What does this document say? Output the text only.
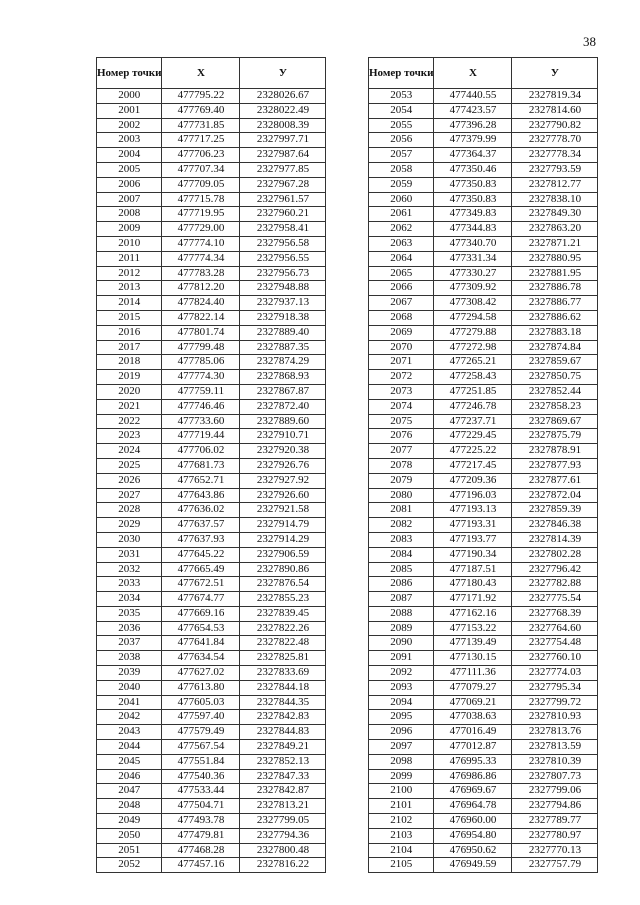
38
Номер точки	X	У
2000	477795.22	2328026.67
2001	477769.40	2328022.49
2002	477731.85	2328008.39
2003	477717.25	2327997.71
2004	477706.23	2327987.64
2005	477707.34	2327977.85
2006	477709.05	2327967.28
2007	477715.78	2327961.57
2008	477719.95	2327960.21
2009	477729.00	2327958.41
2010	477774.10	2327956.58
2011	477774.34	2327956.55
2012	477783.28	2327956.73
2013	477812.20	2327948.88
2014	477824.40	2327937.13
2015	477822.14	2327918.38
2016	477801.74	2327889.40
2017	477799.48	2327887.35
2018	477785.06	2327874.29
2019	477774.30	2327868.93
2020	477759.11	2327867.87
2021	477746.46	2327872.40
2022	477733.60	2327889.60
2023	477719.44	2327910.71
2024	477706.02	2327920.38
2025	477681.73	2327926.76
2026	477652.71	2327927.92
2027	477643.86	2327926.60
2028	477636.02	2327921.58
2029	477637.57	2327914.79
2030	477637.93	2327914.29
2031	477645.22	2327906.59
2032	477665.49	2327890.86
2033	477672.51	2327876.54
2034	477674.77	2327855.23
2035	477669.16	2327839.45
2036	477654.53	2327822.26
2037	477641.84	2327822.48
2038	477634.54	2327825.81
2039	477627.02	2327833.69
2040	477613.80	2327844.18
2041	477605.03	2327844.35
2042	477597.40	2327842.83
2043	477579.49	2327844.83
2044	477567.54	2327849.21
2045	477551.84	2327852.13
2046	477540.36	2327847.33
2047	477533.44	2327842.87
2048	477504.71	2327813.21
2049	477493.78	2327799.05
2050	477479.81	2327794.36
2051	477468.28	2327800.48
2052	477457.16	2327816.22
Номер точки	X	У
2053	477440.55	2327819.34
2054	477423.57	2327814.60
2055	477396.28	2327790.82
2056	477379.99	2327778.70
2057	477364.37	2327778.34
2058	477350.46	2327793.59
2059	477350.83	2327812.77
2060	477350.83	2327838.10
2061	477349.83	2327849.30
2062	477344.83	2327863.20
2063	477340.70	2327871.21
2064	477331.34	2327880.95
2065	477330.27	2327881.95
2066	477309.92	2327886.78
2067	477308.42	2327886.77
2068	477294.58	2327886.62
2069	477279.88	2327883.18
2070	477272.98	2327874.84
2071	477265.21	2327859.67
2072	477258.43	2327850.75
2073	477251.85	2327852.44
2074	477246.78	2327858.23
2075	477237.71	2327869.67
2076	477229.45	2327875.79
2077	477225.22	2327878.91
2078	477217.45	2327877.93
2079	477209.36	2327877.61
2080	477196.03	2327872.04
2081	477193.13	2327859.39
2082	477193.31	2327846.38
2083	477193.77	2327814.39
2084	477190.34	2327802.28
2085	477187.51	2327796.42
2086	477180.43	2327782.88
2087	477171.92	2327775.54
2088	477162.16	2327768.39
2089	477153.22	2327764.60
2090	477139.49	2327754.48
2091	477130.15	2327760.10
2092	477111.36	2327774.03
2093	477079.27	2327795.34
2094	477069.21	2327799.72
2095	477038.63	2327810.93
2096	477016.49	2327813.76
2097	477012.87	2327813.59
2098	476995.33	2327810.39
2099	476986.86	2327807.73
2100	476969.67	2327799.06
2101	476964.78	2327794.86
2102	476960.00	2327789.77
2103	476954.80	2327780.97
2104	476950.62	2327770.13
2105	476949.59	2327757.79
